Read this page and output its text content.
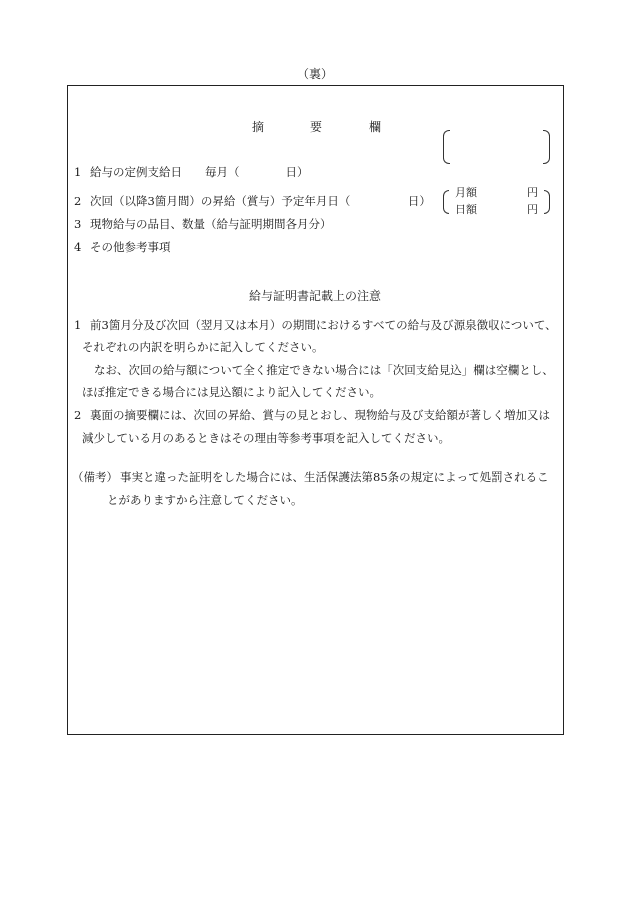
（裏）
摘	要	欄
1 給与の定例支給日　　毎月（　　　　日）
2 次回（以降3箇月間）の昇給（賞与）予定年月日（　　　　　日）
3 現物給与の品目、数量（給与証明期間各月分）
4 その他参考事項
月額	円
日額	円
給与証明書記載上の注意
1 前3箇月分及び次回（翌月又は本月）の期間におけるすべての給与及び源泉徴収について、
それぞれの内訳を明らかに記入してください。
なお、次回の給与額について全く推定できない場合には「次回支給見込」欄は空欄とし、
ほぼ推定できる場合には見込額により記入してください。
2 裏面の摘要欄には、次回の昇給、賞与の見とおし、現物給与及び支給額が著しく増加又は
減少している月のあるときはその理由等参考事項を記入してください。
（備考） 事実と違った証明をした場合には、生活保護法第85条の規定によって処罰されるこ
とがありますから注意してください。
